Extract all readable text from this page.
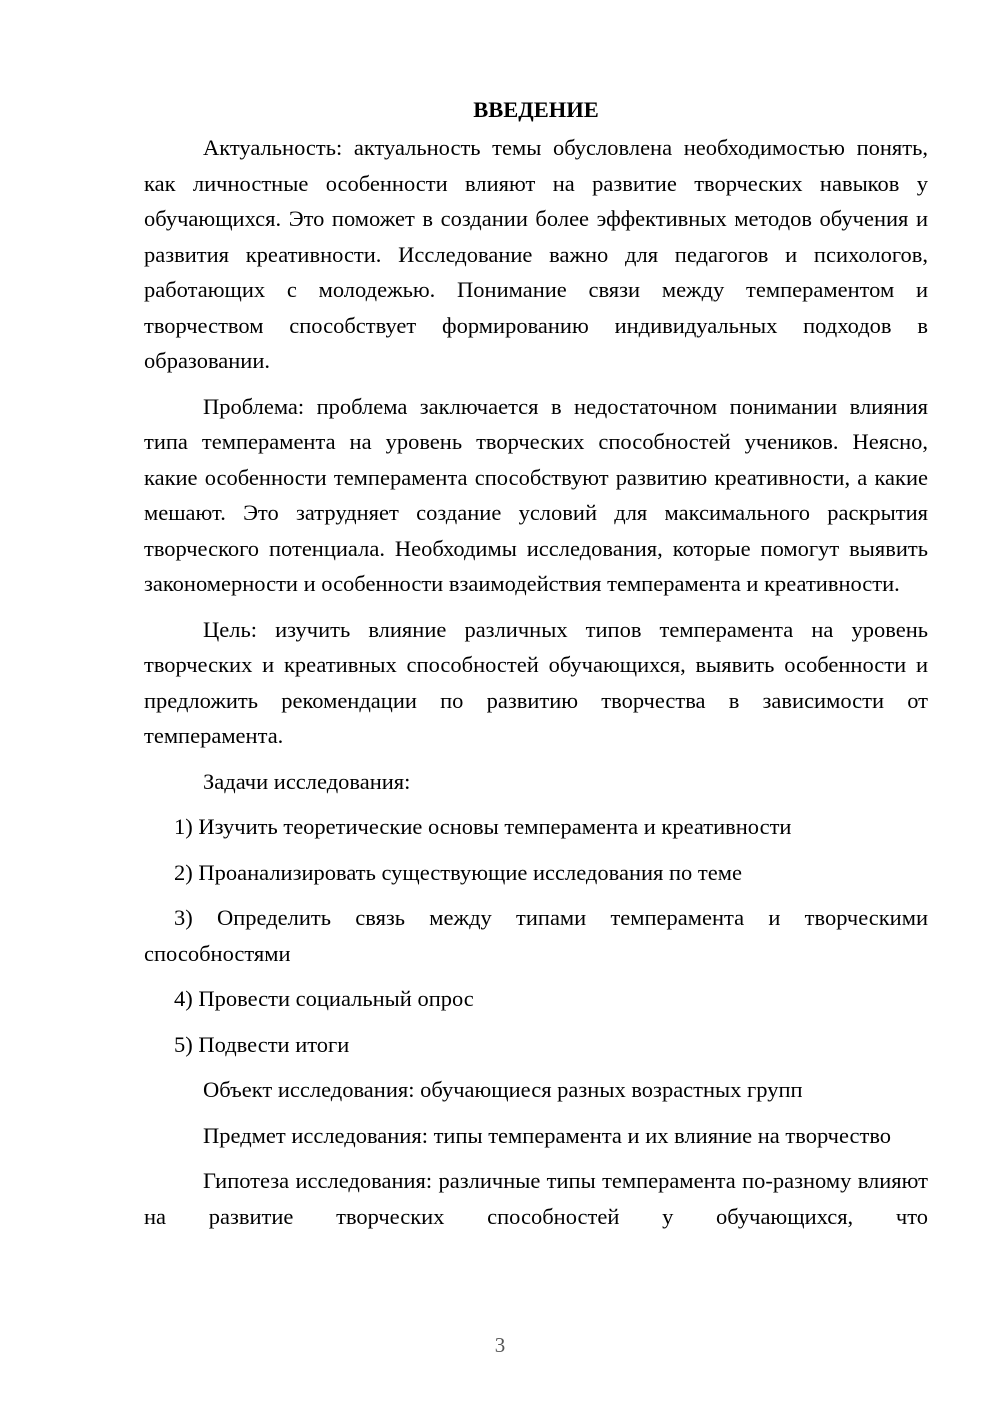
ВВЕДЕНИЕ

Актуальность: актуальность темы обусловлена необходимостью понять, как личностные особенности влияют на развитие творческих навыков у обучающихся. Это поможет в создании более эффективных методов обучения и развития креативности. Исследование важно для педагогов и психологов, работающих с молодежью. Понимание связи между темпераментом и творчеством способствует формированию индивидуальных подходов в образовании.

Проблема: проблема заключается в недостаточном понимании влияния типа темперамента на уровень творческих способностей учеников. Неясно, какие особенности темперамента способствуют развитию креативности, а какие мешают. Это затрудняет создание условий для максимального раскрытия творческого потенциала. Необходимы исследования, которые помогут выявить закономерности и особенности взаимодействия темперамента и креативности.

Цель: изучить влияние различных типов темперамента на уровень творческих и креативных способностей обучающихся, выявить особенности и предложить рекомендации по развитию творчества в зависимости от темперамента.

Задачи исследования:

1) Изучить теоретические основы темперамента и креативности

2) Проанализировать существующие исследования по теме

3) Определить связь между типами темперамента и творческими способностями

4) Провести социальный опрос

5) Подвести итоги

Объект исследования: обучающиеся разных возрастных групп

Предмет исследования: типы темперамента и их влияние на творчество

Гипотеза исследования: различные типы темперамента по-разному влияют на развитие творческих способностей у обучающихся, что

3
